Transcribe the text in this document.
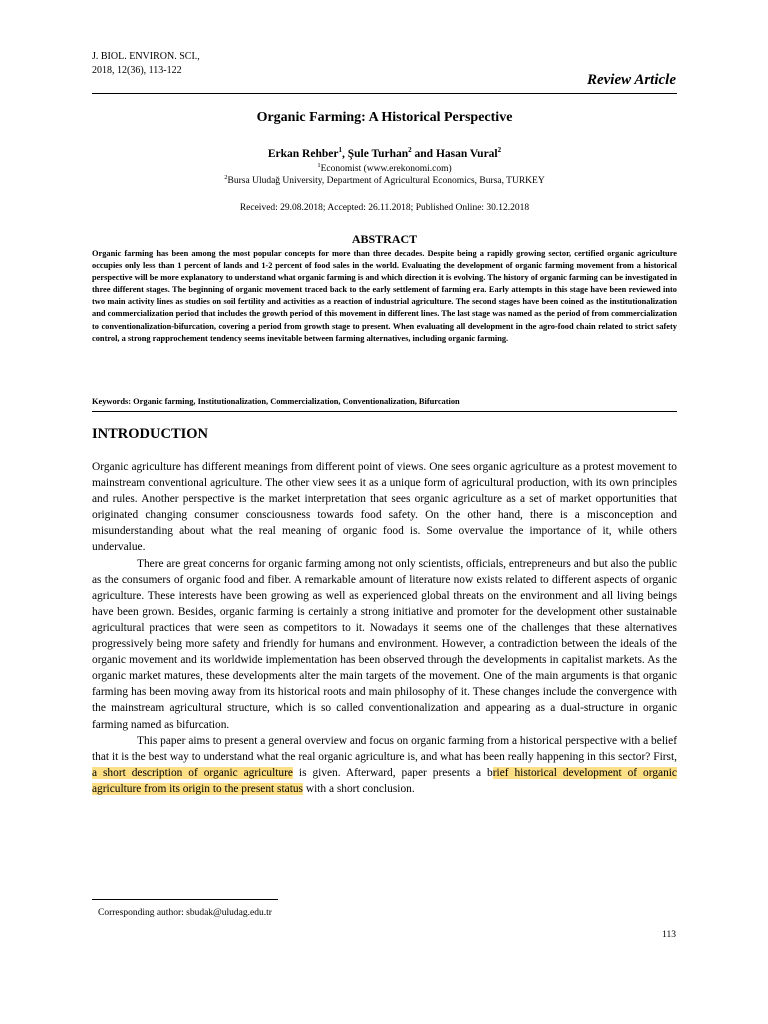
J. BIOL. ENVIRON. SCI.,
2018, 12(36), 113-122
Review Article
Organic Farming: A Historical Perspective
Erkan Rehber$^1$, Şule Turhan$^2$ and Hasan Vural$^2$
$^1$Economist (www.erekonomi.com)
$^2$Bursa Uludağ University, Department of Agricultural Economics, Bursa, TURKEY
Received: 29.08.2018; Accepted: 26.11.2018; Published Online: 30.12.2018
ABSTRACT
Organic farming has been among the most popular concepts for more than three decades. Despite being a rapidly growing sector, certified organic agriculture occupies only less than 1 percent of lands and 1-2 percent of food sales in the world. Evaluating the development of organic farming movement from a historical perspective will be more explanatory to understand what organic farming is and which direction it is evolving. The history of organic farming can be investigated in three different stages. The beginning of organic movement traced back to the early settlement of farming era. Early attempts in this stage have been reviewed into two main activity lines as studies on soil fertility and activities as a reaction of industrial agriculture. The second stages have been coined as the institutionalization and commercialization period that includes the growth period of this movement in different lines. The last stage was named as the period of from commercialization to conventionalization-bifurcation, covering a period from growth stage to present. When evaluating all development in the agro-food chain related to strict safety control, a strong rapprochement tendency seems inevitable between farming alternatives, including organic farming.
Keywords: Organic farming, Institutionalization, Commercialization, Conventionalization, Bifurcation
INTRODUCTION

Organic agriculture has different meanings from different point of views. One sees organic agriculture as a protest movement to mainstream conventional agriculture. The other view sees it as a unique form of agricultural production, with its own principles and rules. Another perspective is the market interpretation that sees organic agriculture as a set of market opportunities that originated changing consumer consciousness towards food safety. On the other hand, there is a misconception and misunderstanding about what the real meaning of organic food is. Some overvalue the importance of it, while others undervalue.

There are great concerns for organic farming among not only scientists, officials, entrepreneurs and but also the public as the consumers of organic food and fiber. A remarkable amount of literature now exists related to different aspects of organic agriculture. These interests have been growing as well as experienced global threats on the environment and all living beings have been grown. Besides, organic farming is certainly a strong initiative and promoter for the development other sustainable agricultural practices that were seen as competitors to it. Nowadays it seems one of the challenges that these alternatives progressively being more safety and friendly for humans and environment. However, a contradiction between the ideals of the organic movement and its worldwide implementation has been observed through the developments in capitalist markets. As the organic market matures, these developments alter the main targets of the movement. One of the main arguments is that organic farming has been moving away from its historical roots and main philosophy of it. These changes include the convergence with the mainstream agricultural structure, which is so called conventionalization and appearing as a dual-structure in organic farming named as bifurcation.

This paper aims to present a general overview and focus on organic farming from a historical perspective with a belief that it is the best way to understand what the real organic agriculture is, and what has been really happening in this sector? First, a short description of organic agriculture is given. Afterward, paper presents a brief historical development of organic agriculture from its origin to the present status with a short conclusion.

Corresponding author: sbudak@uludag.edu.tr
113
